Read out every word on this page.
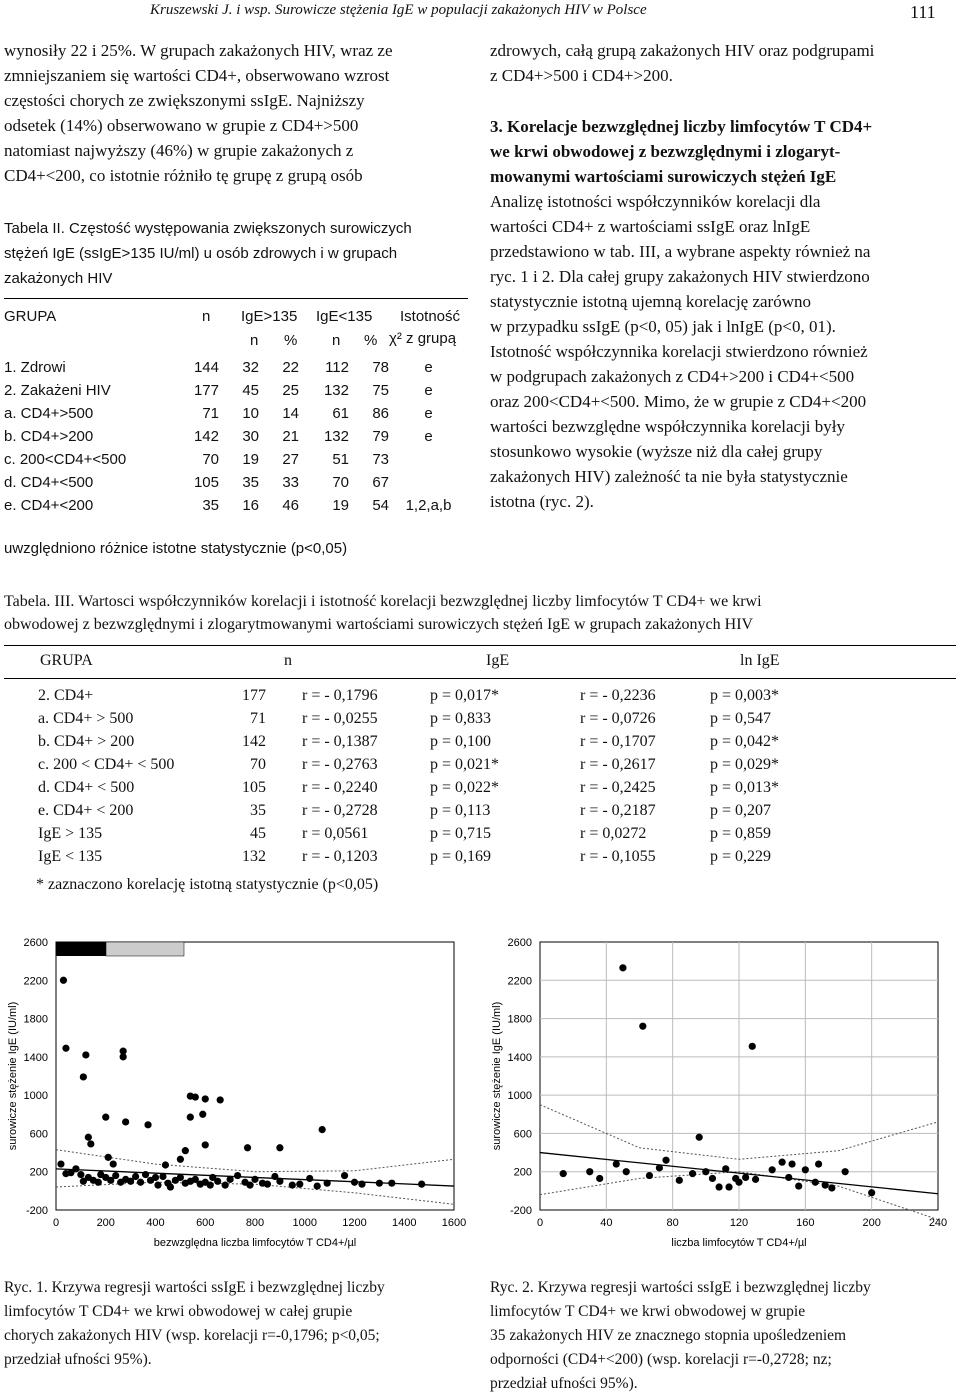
Kruszewski J. i wsp. Surowicze stężenia IgE w populacji zakażonych HIV w Polsce	111
wynosiły 22 i 25%. W grupach zakażonych HIV, wraz ze
zmniejszaniem się wartości CD4+, obserwowano wzrost
częstości chorych ze zwiększonymi ssIgE. Najniższy
odsetek (14%) obserwowano w grupie z CD4+>500
natomiast najwyższy (46%) w grupie zakażonych z
CD4+<200, co istotnie różniło tę grupę z grupą osób
Tabela II. Częstość występowania zwiększonych surowiczych
stężeń IgE (ssIgE>135 IU/ml) u osób zdrowych i w grupach
zakażonych HIV
GRUPA	n IgE>135 IgE<135 Istotność
n % n % χ² z grupą
1. Zdrowi	144	32	22	112	78	e
2. Zakażeni HIV	177	45	25	132	75	e
a. CD4+>500	71	10	14	61	86	e
b. CD4+>200	142	30	21	132	79	e
c. 200<CD4+<500	70	19	27	51	73	
d. CD4+<500	105	35	33	70	67	
e. CD4+<200	35	16	46	19	54	1,2,a,b
uwzględniono różnice istotne statystycznie (p<0,05)
zdrowych, całą grupą zakażonych HIV oraz podgrupami
z CD4+>500 i CD4+>200.
3. Korelacje bezwzględnej liczby limfocytów T CD4+
we krwi obwodowej z bezwzględnymi i zlogaryt-
mowanymi wartościami surowiczych stężeń IgE
Analizę istotności współczynników korelacji dla
wartości CD4+ z wartościami ssIgE oraz lnIgE
przedstawiono w tab. III, a wybrane aspekty również na
ryc. 1 i 2. Dla całej grupy zakażonych HIV stwierdzono
statystycznie istotną ujemną korelację zarówno
w przypadku ssIgE (p<0, 05) jak i lnIgE (p<0, 01).
Istotność współczynnika korelacji stwierdzono również
w podgrupach zakażonych z CD4+>200 i CD4+<500
oraz 200<CD4+<500. Mimo, że w grupie z CD4+<200
wartości bezwzględne współczynnika korelacji były
stosunkowo wysokie (wyższe niż dla całej grupy
zakażonych HIV) zależność ta nie była statystycznie
istotna (ryc. 2).
Tabela. III. Wartosci współczynników korelacji i istotność korelacji bezwzględnej liczby limfocytów T CD4+ we krwi
obwodowej z bezwzględnymi i zlogarytmowanymi wartościami surowiczych stężeń IgE w grupach zakażonych HIV
GRUPA	n	IgE	ln IgE
2. CD4+	177	r = - 0,1796	p = 0,017*	r = - 0,2236	p = 0,003*
a. CD4+ > 500	71	r = - 0,0255	p = 0,833	r = - 0,0726	p = 0,547
b. CD4+ > 200	142	r = - 0,1387	p = 0,100	r = - 0,1707	p = 0,042*
c. 200 < CD4+ < 500	70	r = - 0,2763	p = 0,021*	r = - 0,2617	p = 0,029*
d. CD4+ < 500	105	r = - 0,2240	p = 0,022*	r = - 0,2425	p = 0,013*
e. CD4+ < 200	35	r = - 0,2728	p = 0,113	r = - 0,2187	p = 0,207
IgE > 135	45	r = 0,0561	p = 0,715	r = 0,0272	p = 0,859
IgE < 135	132	r = - 0,1203	p = 0,169	r = - 0,1055	p = 0,229
* zaznaczono korelację istotną statystycznie (p<0,05)
2600
2200
1800
1400
1000
600
200
-200
0	200	400	600	800	1000 1200 1400 1600
bezwzględna liczba limfocytów T CD4+/µl
surowicze stężenie IgE (IU/ml)
2600
2200
1800
1400
1000
600
200
-200
0	40	80	120	160	200	240
liczba limfocytów T CD4+/µl
surowicze stężenie IgE (IU/ml)
Ryc. 1. Krzywa regresji wartości ssIgE i bezwzględnej liczby
limfocytów T CD4+ we krwi obwodowej w całej grupie
chorych zakażonych HIV (wsp. korelacji r=-0,1796; p<0,05;
przedział ufności 95%).
Ryc. 2. Krzywa regresji wartości ssIgE i bezwzględnej liczby
limfocytów T CD4+ we krwi obwodowej w grupie
35 zakażonych HIV ze znacznego stopnia upośledzeniem
odporności (CD4+<200) (wsp. korelacji r=-0,2728; nz;
przedział ufności 95%).
